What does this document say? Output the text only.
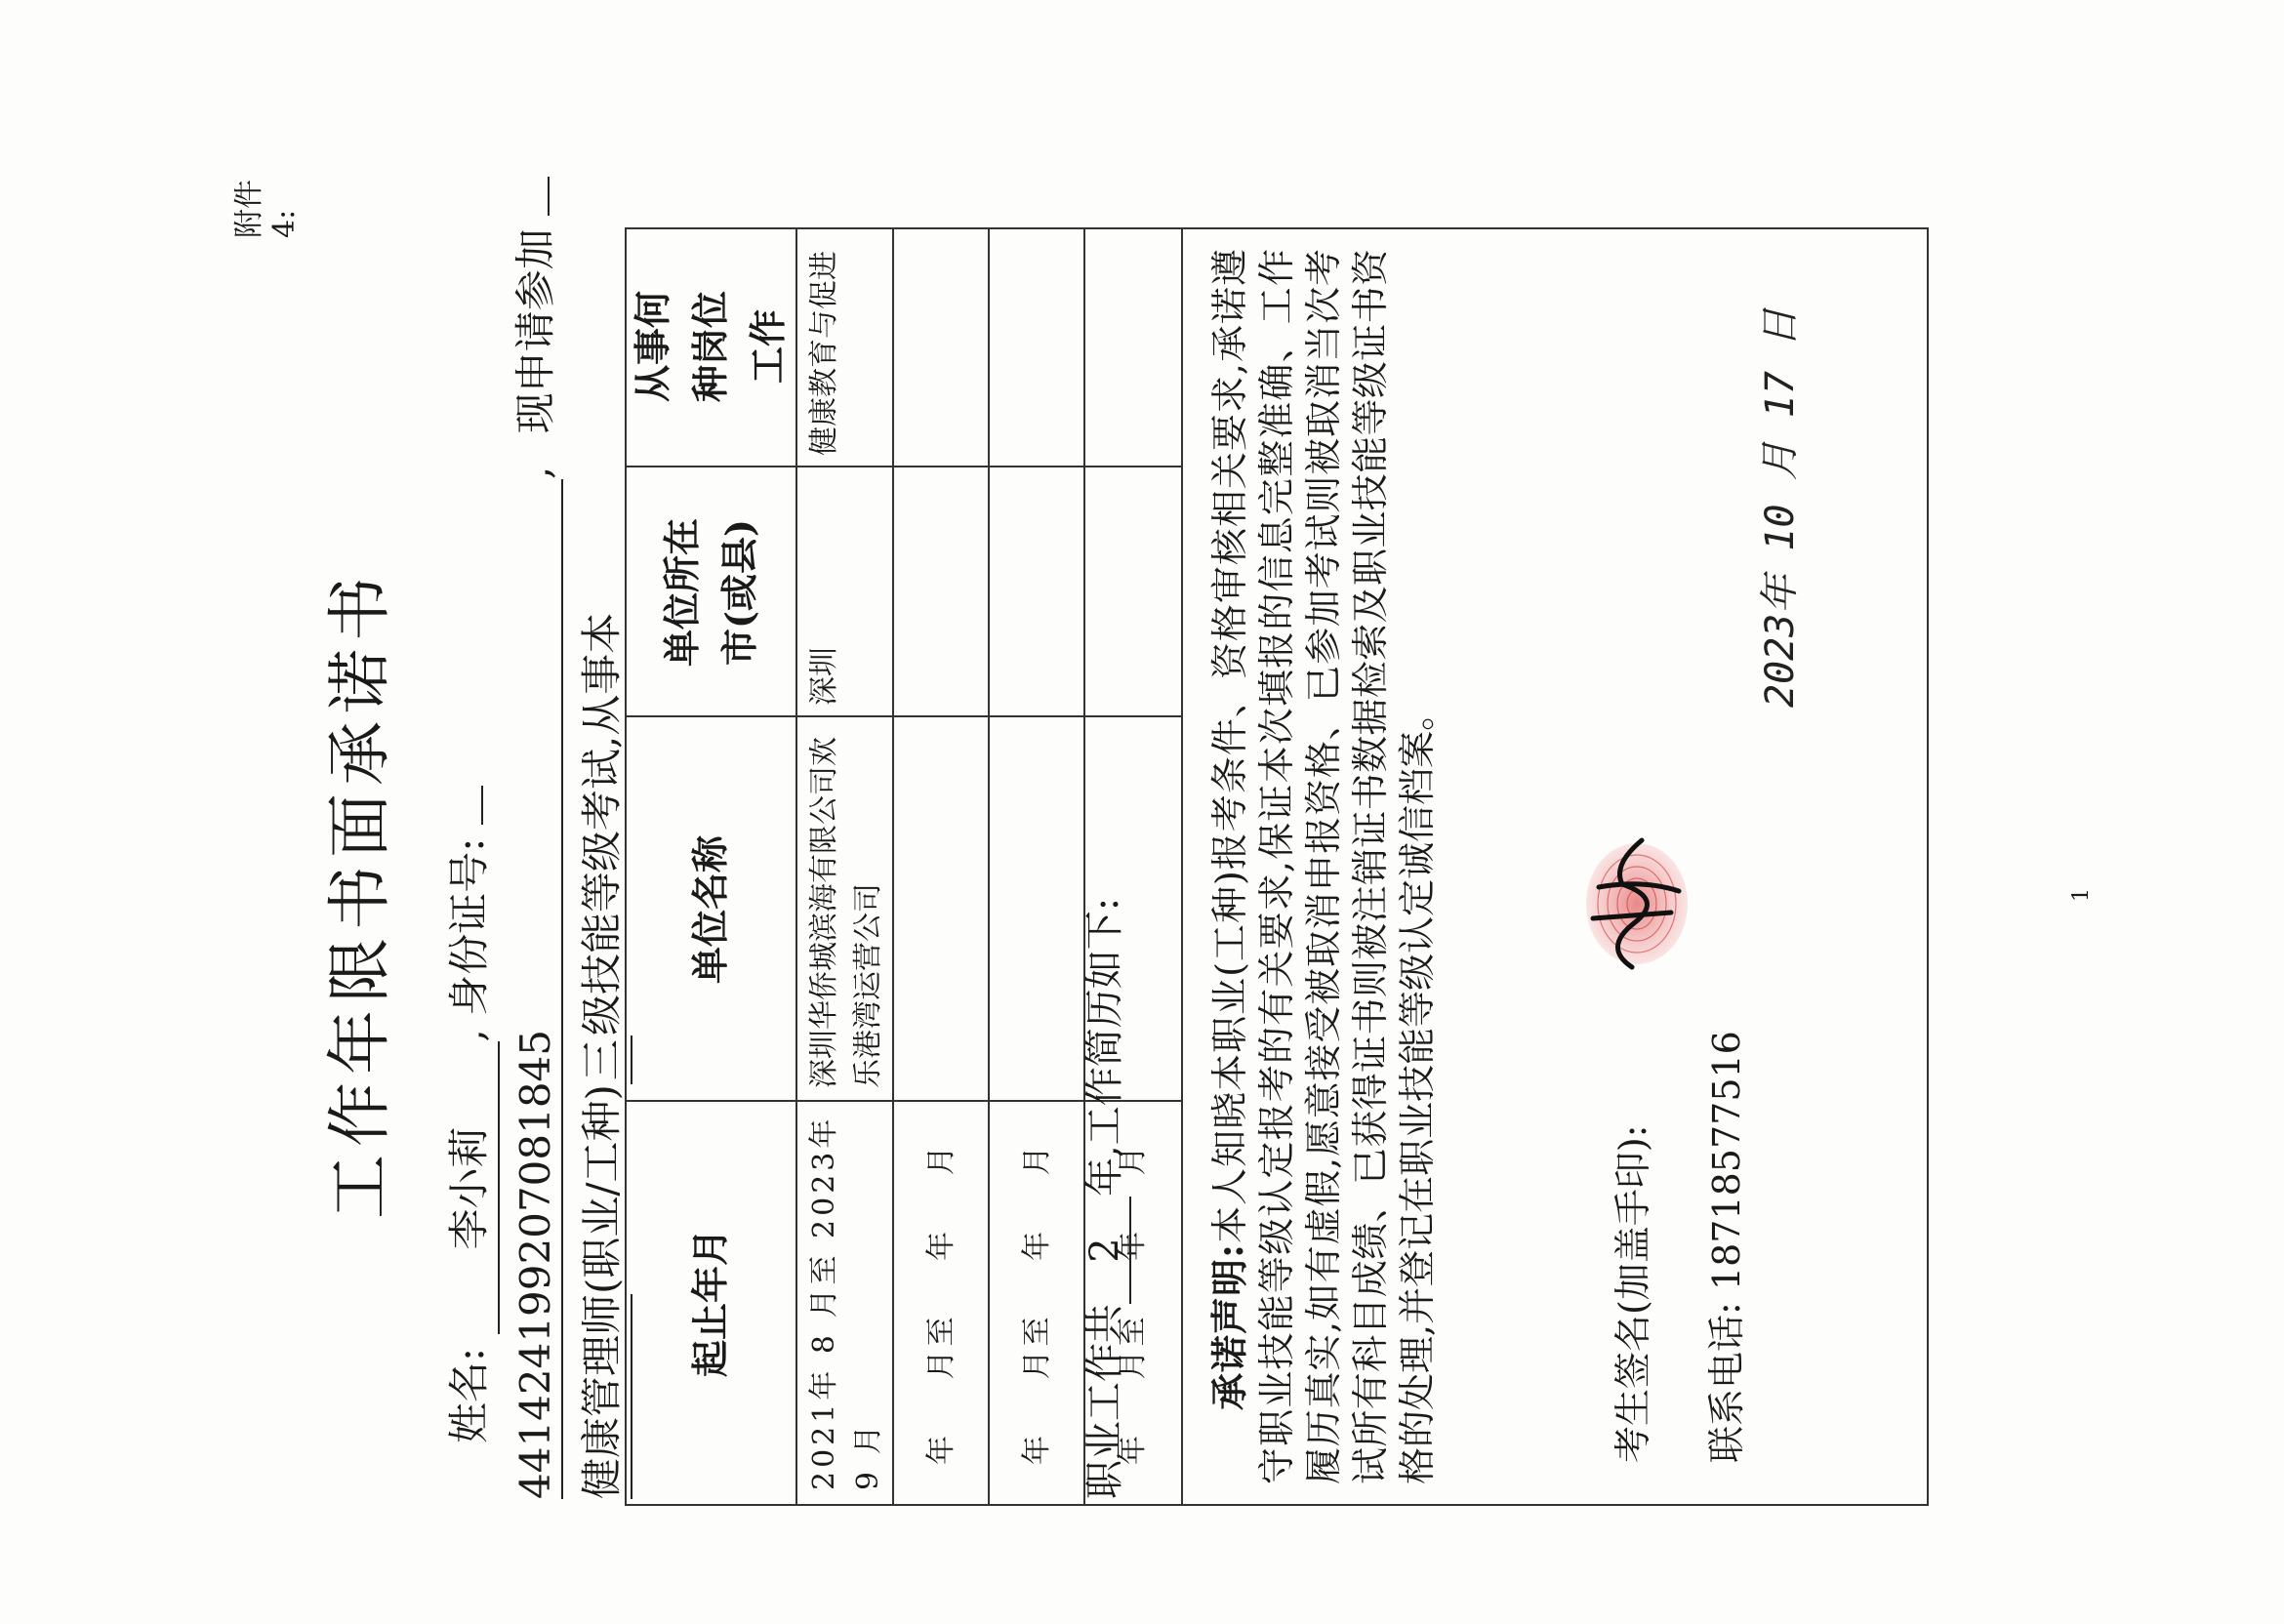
附件4:
工作年限书面承诺书
姓名: 李小莉, 身份证号:
441424199207081845, 现申请参加
健康管理师(职业/工种)三级技能等级考试,从事本
起止年月
单位名称
单位所在市(或县)
从事何种岗位工作
2021年 8 月至 2023年 9 月
深圳华侨城滨海有限公司欢乐港湾运营公司
深圳
健康教育与促进
年 月至 年 月 年 月至 年 月 年 月至 年 月 承诺声明:本人知晓本职业(工种)报考条件、资格审核相关要求,承诺遵守职业技能等级认定报考的有关要求,保证本次填报的信息完整准确、工作履历真实,如有虚假,愿意接受被取消申报资格、已参加考试则被取消当次考试所有科目成绩、已获得证书则被注销证书数据检索及职业技能等级证书资格的处理,并登记在职业技能等级认定诚信档案。	考生签名(加盖手印): 联系电话: 18718577516
2023年 10 月 17 日
1
职业工作共2年,工作简历如下:
